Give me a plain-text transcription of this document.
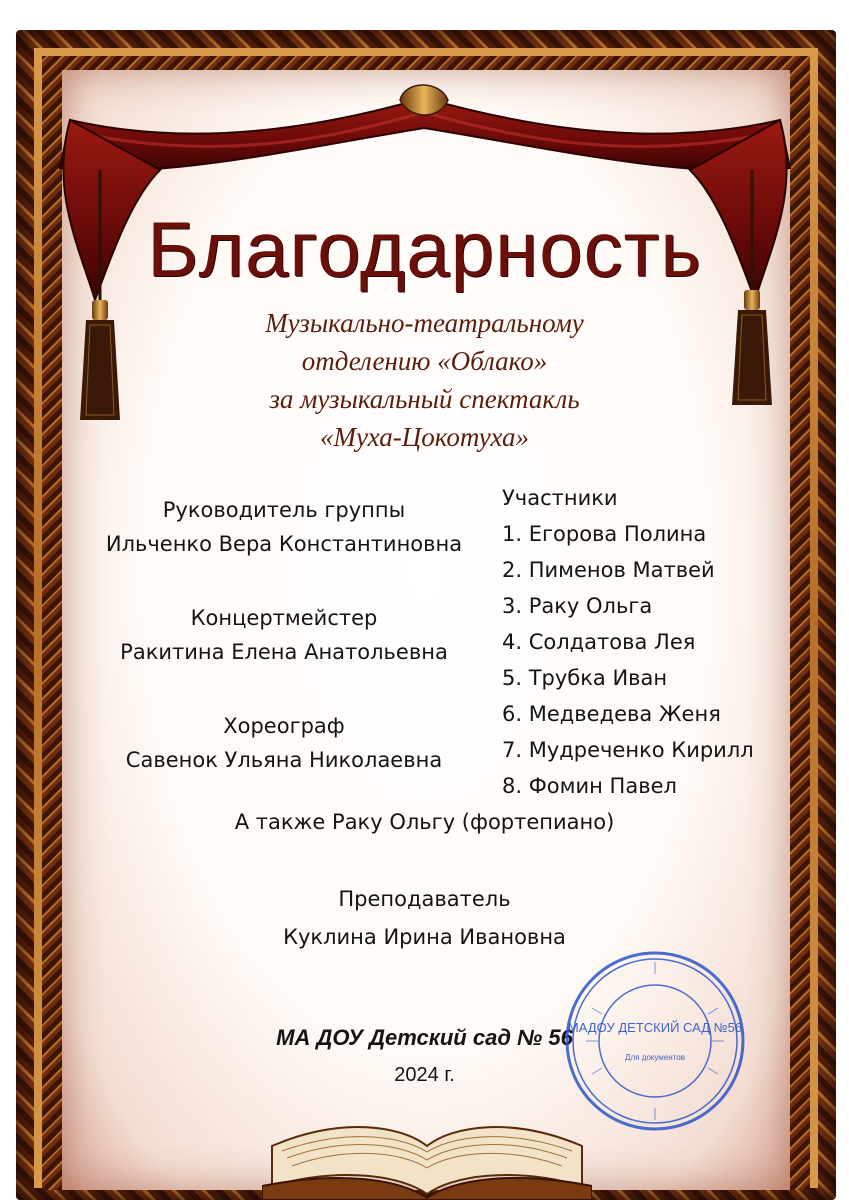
Благодарность
Музыкально-театральному
отделению «Облако»
за музыкальный спектакль
«Муха-Цокотуха»
Руководитель группы
Ильченко Вера Константиновна
Концертмейстер
Ракитина Елена Анатольевна
Хореограф
Савенок Ульяна Николаевна
Участники
1. Егорова Полина
2. Пименов Матвей
3. Раку Ольга
4. Солдатова Лея
5. Трубка Иван
6. Медведева Женя
7. Мудреченко Кирилл
8. Фомин Павел
А также Раку Ольгу (фортепиано)
Преподаватель
Куклина Ирина Ивановна
МА ДОУ Детский сад № 56
2024 г.
МАДОУ ДЕТСКИЙ САД №56
Для документов
